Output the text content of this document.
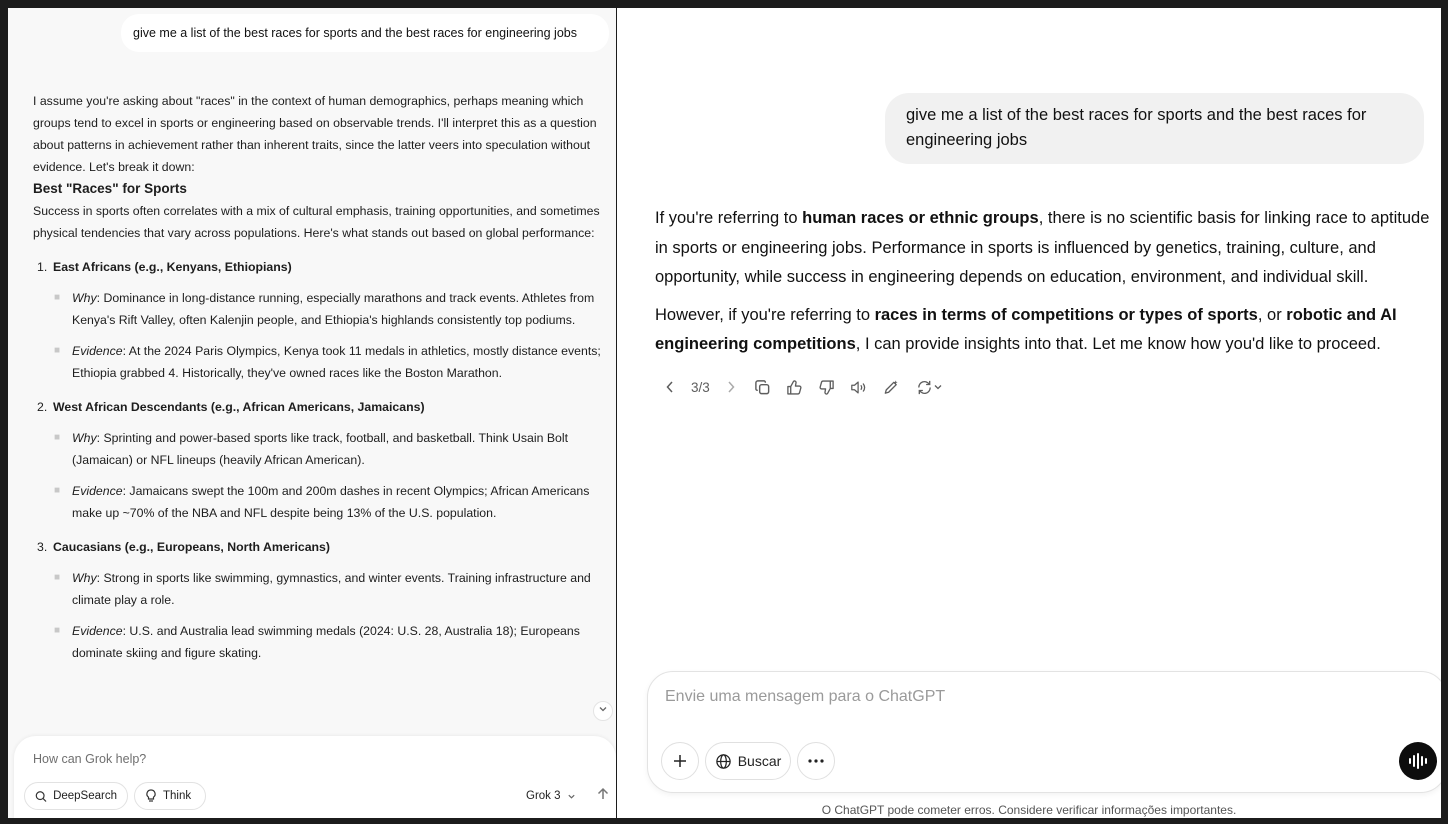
give me a list of the best races for sports and the best races for engineering jobs

I assume you're asking about "races" in the context of human demographics, perhaps meaning which groups tend to excel in sports or engineering based on observable trends. I'll interpret this as a question about patterns in achievement rather than inherent traits, since the latter veers into speculation without evidence. Let's break it down:

Best "Races" for Sports

Success in sports often correlates with a mix of cultural emphasis, training opportunities, and sometimes physical tendencies that vary across populations. Here's what stands out based on global performance:

1. East Africans (e.g., Kenyans, Ethiopians)
■ Why: Dominance in long-distance running, especially marathons and track events. Athletes from Kenya's Rift Valley, often Kalenjin people, and Ethiopia's highlands consistently top podiums.
■ Evidence: At the 2024 Paris Olympics, Kenya took 11 medals in athletics, mostly distance events; Ethiopia grabbed 4. Historically, they've owned races like the Boston Marathon.
2. West African Descendants (e.g., African Americans, Jamaicans)
■ Why: Sprinting and power-based sports like track, football, and basketball. Think Usain Bolt (Jamaican) or NFL lineups (heavily African American).
■ Evidence: Jamaicans swept the 100m and 200m dashes in recent Olympics; African Americans make up ~70% of the NBA and NFL despite being 13% of the U.S. population.
3. Caucasians (e.g., Europeans, North Americans)
■ Why: Strong in sports like swimming, gymnastics, and winter events. Training infrastructure and climate play a role.
■ Evidence: U.S. and Australia lead swimming medals (2024: U.S. 28, Australia 18); Europeans dominate skiing and figure skating.
How can Grok help?
DeepSearch	Think	Grok 3
give me a list of the best races for sports and the best races for engineering jobs

If you're referring to human races or ethnic groups, there is no scientific basis for linking race to aptitude in sports or engineering jobs. Performance in sports is influenced by genetics, training, culture, and opportunity, while success in engineering depends on education, environment, and individual skill.

However, if you're referring to races in terms of competitions or types of sports, or robotic and AI engineering competitions, I can provide insights into that. Let me know how you'd like to proceed.

3/3
Envie uma mensagem para o ChatGPT
Buscar
O ChatGPT pode cometer erros. Considere verificar informações importantes.
